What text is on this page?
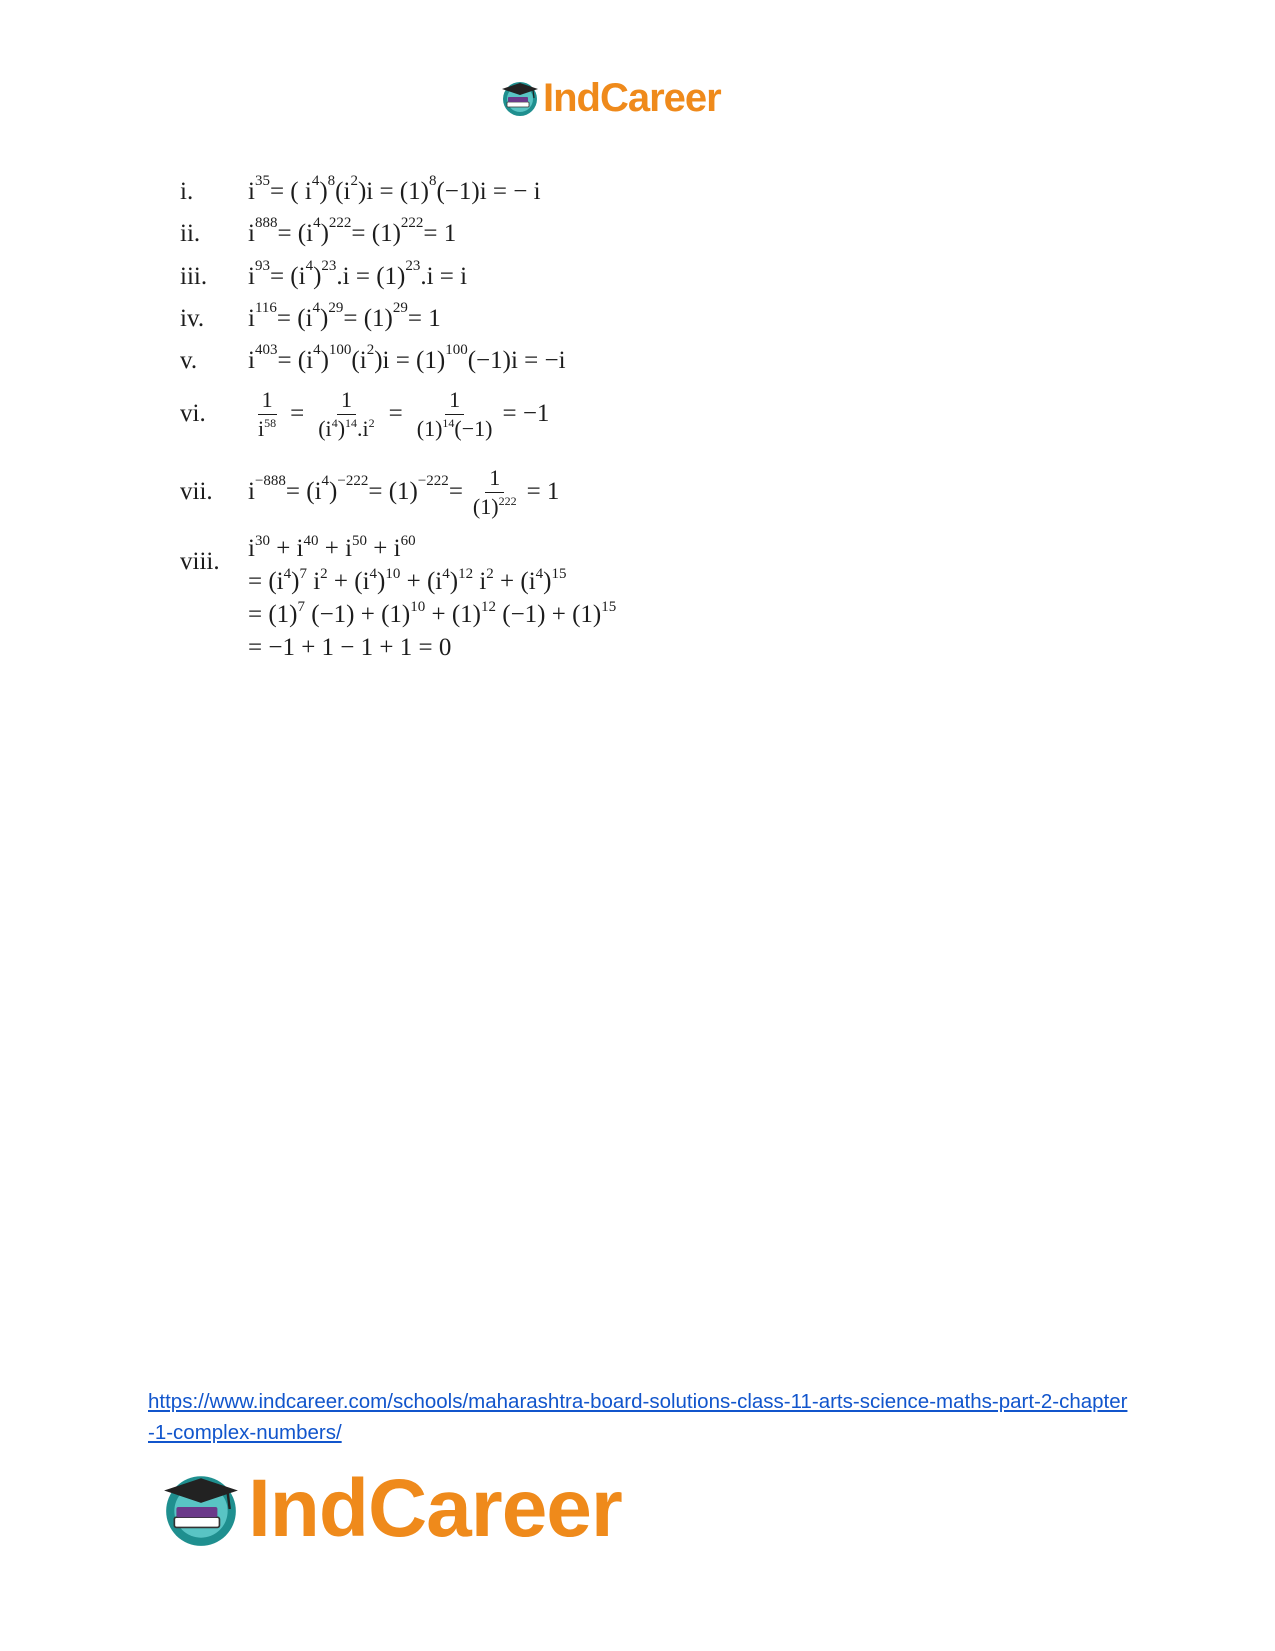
IndCareer
i.	$i^{35}$ = ( $i^4$ )$^8$ ($i^2$ )$i = (1)^8$ (−1)i = − i
ii.	$i^{888} = (i^4$ )$^{222} = (1)^{222} = 1$
iii.	$i^{93} = (i^4$ )$^{23}$ $.i = (1)^{23}$ .i = i
iv.	$i^{116} = (i^4$ )$^{29} = (1)^{29} = 1$
v.	$i^{403} = (i^4$ )$^{100}$ ($i^2$ )$i = (1)^{100}$ (−1)i = −i
vi.	$\frac{1}{i^{58}} = \frac{1}{(i^4)^{14}.i^2} = \frac{1}{(1)^{14}(-1)} = -1$
vii.	$i^{-888} = (i^4$ )$^{-222} = (1)^{-222} = \frac{1}{(1)^{222}} = 1$
viii.	$i^{30} + i^{40} + i^{50} + i^{60}$
= $(i^4)^7$ $i^2 + (i^4)^{10} + (i^4)^{12}$ $i^2 + (i^4)^{15}$
= $(1)^7$ $(-1) + (1)^{10} + (1)^{12}$ $(-1) + (1)^{15}$
= −1 + 1 − 1 + 1 = 0
https://www.indcareer.com/schools/maharashtra-board-solutions-class-11-arts-science-maths-part-2-chapter-1-complex-numbers/
IndCareer
